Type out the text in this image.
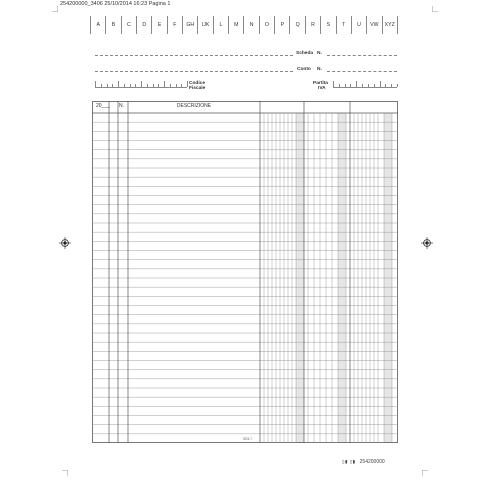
254200000_3406 25/10/2014 16:23 Pagina 1
A	B	C	D	E	F	GH	IJK	L	M	N	O	P	Q	R	S	T	U	VW	XYZ
Scheda N.
Conto N.
Codice
Fiscale
Partita
IVA
20___ N.	DESCRIZIONE
SD3-7
▯▮ ▯▮ 254200000
